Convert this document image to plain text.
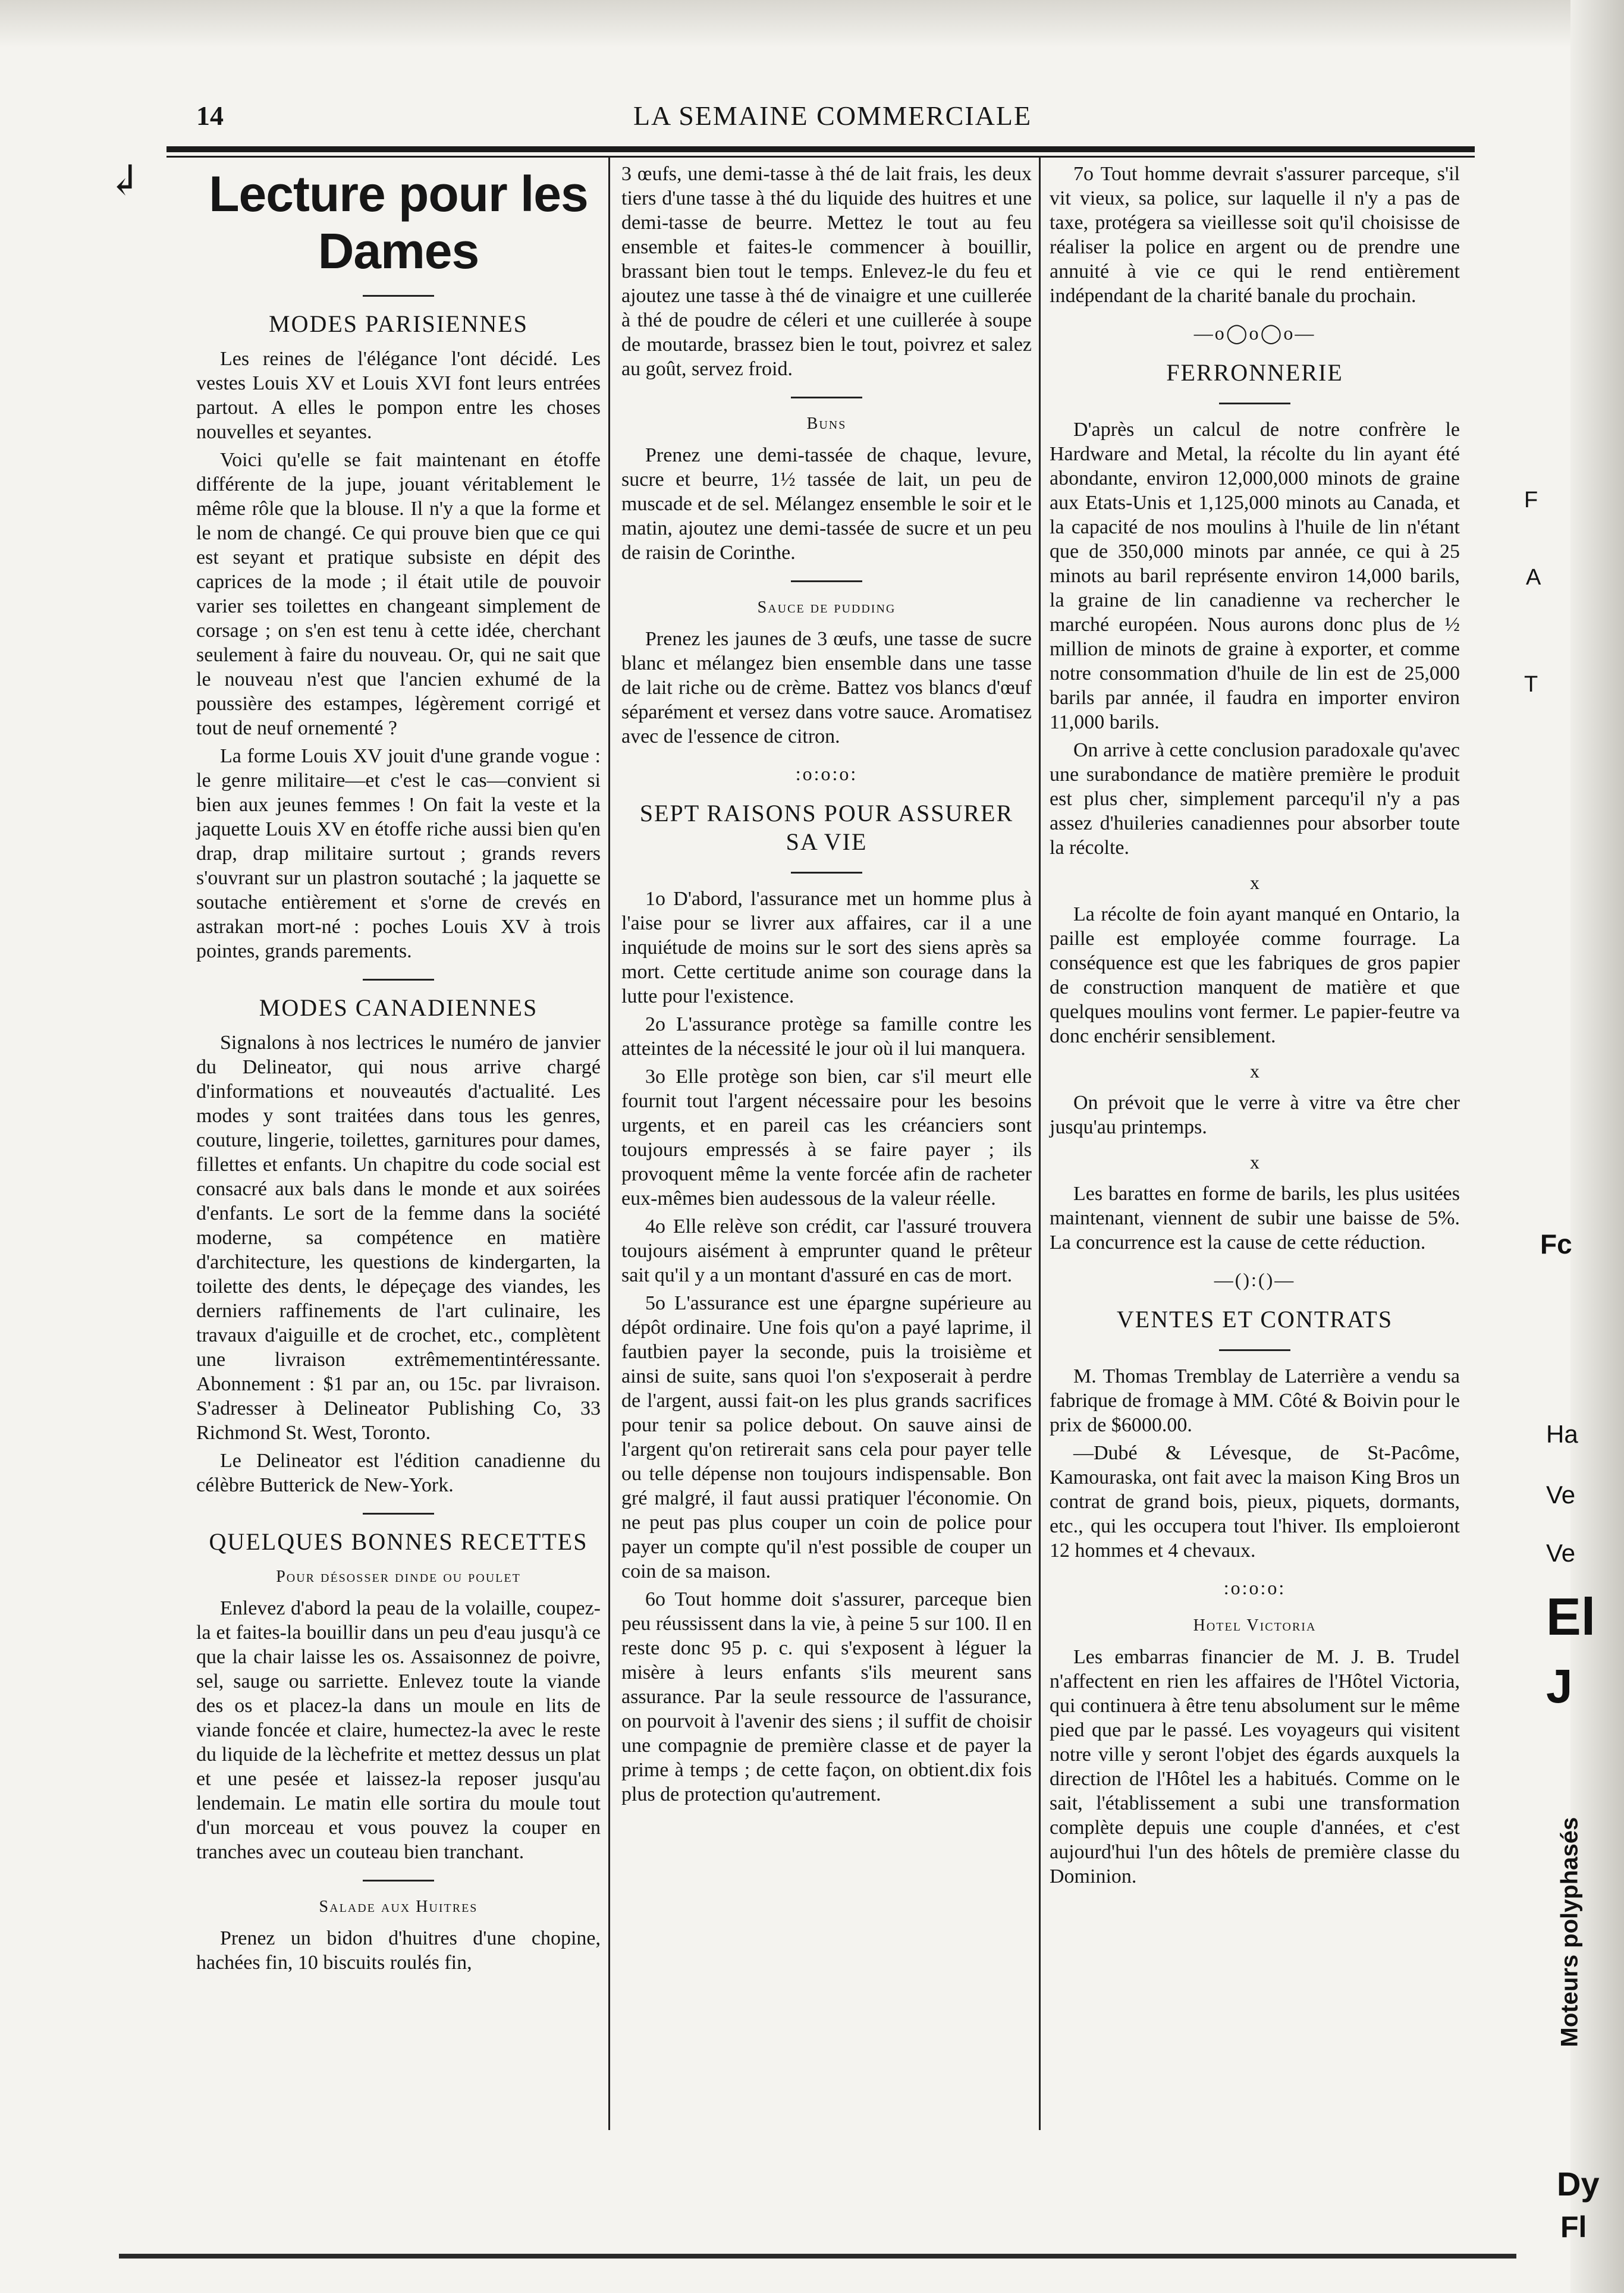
14	LA SEMAINE COMMERCIALE
↲ Lecture pour les Dames
MODES PARISIENNES

Les reines de l'élégance l'ont décidé. Les vestes Louis XV et Louis XVI font leurs entrées partout. A elles le pompon entre les choses nouvelles et seyantes.

Voici qu'elle se fait maintenant en étoffe différente de la jupe, jouant véritablement le même rôle que la blouse. Il n'y a que la forme et le nom de changé. Ce qui prouve bien que ce qui est seyant et pratique subsiste en dépit des caprices de la mode ; il était utile de pouvoir varier ses toilettes en changeant simplement de corsage ; on s'en est tenu à cette idée, cherchant seulement à faire du nouveau. Or, qui ne sait que le nouveau n'est que l'ancien exhumé de la poussière des estampes, légèrement corrigé et tout de neuf ornementé ?

La forme Louis XV jouit d'une grande vogue : le genre militaire—et c'est le cas—convient si bien aux jeunes femmes ! On fait la veste et la jaquette Louis XV en étoffe riche aussi bien qu'en drap, drap militaire surtout ; grands revers s'ouvrant sur un plastron soutaché ; la jaquette se soutache entièrement et s'orne de crevés en astrakan mort-né : poches Louis XV à trois pointes, grands parements.

MODES CANADIENNES

Signalons à nos lectrices le numéro de janvier du Delineator, qui nous arrive chargé d'informations et nouveautés d'actualité. Les modes y sont traitées dans tous les genres, couture, lingerie, toilettes, garnitures pour dames, fillettes et enfants. Un chapitre du code social est consacré aux bals dans le monde et aux soirées d'enfants. Le sort de la femme dans la société moderne, sa compétence en matière d'architecture, les questions de kindergarten, la toilette des dents, le dépeçage des viandes, les derniers raffinements de l'art culinaire, les travaux d'aiguille et de crochet, etc., complètent une livraison extrêmementintéressante. Abonnement : $1 par an, ou 15c. par livraison. S'adresser à Delineator Publishing Co, 33 Richmond St. West, Toronto.

Le Delineator est l'édition canadienne du célèbre Butterick de New-York.

QUELQUES BONNES RECETTES
Pour désosser dinde ou poulet

Enlevez d'abord la peau de la volaille, coupez-la et faites-la bouillir dans un peu d'eau jusqu'à ce que la chair laisse les os. Assaisonnez de poivre, sel, sauge ou sarriette. Enlevez toute la viande des os et placez-la dans un moule en lits de viande foncée et claire, humectez-la avec le reste du liquide de la lèchefrite et mettez dessus un plat et une pesée et laissez-la reposer jusqu'au lendemain. Le matin elle sortira du moule tout d'un morceau et vous pouvez la couper en tranches avec un couteau bien tranchant.

Salade aux Huitres

Prenez un bidon d'huitres d'une chopine, hachées fin, 10 biscuits roulés fin,

3 œufs, une demi-tasse à thé de lait frais, les deux tiers d'une tasse à thé du liquide des huitres et une demi-tasse de beurre. Mettez le tout au feu ensemble et faites-le commencer à bouillir, brassant bien tout le temps. Enlevez-le du feu et ajoutez une tasse à thé de vinaigre et une cuillerée à thé de poudre de céleri et une cuillerée à soupe de moutarde, brassez bien le tout, poivrez et salez au goût, servez froid.

Buns

Prenez une demi-tassée de chaque, levure, sucre et beurre, 1½ tassée de lait, un peu de muscade et de sel. Mélangez ensemble le soir et le matin, ajoutez une demi-tassée de sucre et un peu de raisin de Corinthe.

Sauce de pudding

Prenez les jaunes de 3 œufs, une tasse de sucre blanc et mélangez bien ensemble dans une tasse de lait riche ou de crème. Battez vos blancs d'œuf séparément et versez dans votre sauce. Aromatisez avec de l'essence de citron.

:o:o:o:
SEPT RAISONS POUR ASSURER SA VIE

1o D'abord, l'assurance met un homme plus à l'aise pour se livrer aux affaires, car il a une inquiétude de moins sur le sort des siens après sa mort. Cette certitude anime son courage dans la lutte pour l'existence.

2o L'assurance protège sa famille contre les atteintes de la nécessité le jour où il lui manquera.

3o Elle protège son bien, car s'il meurt elle fournit tout l'argent nécessaire pour les besoins urgents, et en pareil cas les créanciers sont toujours empressés à se faire payer ; ils provoquent même la vente forcée afin de racheter eux-mêmes bien audessous de la valeur réelle.

4o Elle relève son crédit, car l'assuré trouvera toujours aisément à emprunter quand le prêteur sait qu'il y a un montant d'assuré en cas de mort.

5o L'assurance est une épargne supérieure au dépôt ordinaire. Une fois qu'on a payé laprime, il fautbien payer la seconde, puis la troisième et ainsi de suite, sans quoi l'on s'exposerait à perdre de l'argent, aussi fait-on les plus grands sacrifices pour tenir sa police debout. On sauve ainsi de l'argent qu'on retirerait sans cela pour payer telle ou telle dépense non toujours indispensable. Bon gré malgré, il faut aussi pratiquer l'économie. On ne peut pas plus couper un coin de police pour payer un compte qu'il n'est possible de couper un coin de sa maison.

6o Tout homme doit s'assurer, parceque bien peu réussissent dans la vie, à peine 5 sur 100. Il en reste donc 95 p. c. qui s'exposent à léguer la misère à leurs enfants s'ils meurent sans assurance. Par la seule ressource de l'assurance, on pourvoit à l'avenir des siens ; il suffit de choisir une compagnie de première classe et de payer la prime à temps ; de cette façon, on obtient.dix fois plus de protection qu'autrement.

7o Tout homme devrait s'assurer parceque, s'il vit vieux, sa police, sur laquelle il n'y a pas de taxe, protégera sa vieillesse soit qu'il choisisse de réaliser la police en argent ou de prendre une annuité à vie ce qui le rend entièrement indépendant de la charité banale du prochain.

—o◯o◯o—
FERRONNERIE

D'après un calcul de notre confrère le Hardware and Metal, la récolte du lin ayant été abondante, environ 12,000,000 minots de graine aux Etats-Unis et 1,125,000 minots au Canada, et la capacité de nos moulins à l'huile de lin n'étant que de 350,000 minots par année, ce qui à 25 minots au baril représente environ 14,000 barils, la graine de lin canadienne va rechercher le marché européen. Nous aurons donc plus de ½ million de minots de graine à exporter, et comme notre consommation d'huile de lin est de 25,000 barils par année, il faudra en importer environ 11,000 barils.

On arrive à cette conclusion paradoxale qu'avec une surabondance de matière première le produit est plus cher, simplement parcequ'il n'y a pas assez d'huileries canadiennes pour absorber toute la récolte.

x

La récolte de foin ayant manqué en Ontario, la paille est employée comme fourrage. La conséquence est que les fabriques de gros papier de construction manquent de matière et que quelques moulins vont fermer. Le papier-feutre va donc enchérir sensiblement.

x

On prévoit que le verre à vitre va être cher jusqu'au printemps.

x

Les barattes en forme de barils, les plus usitées maintenant, viennent de subir une baisse de 5%. La concurrence est la cause de cette réduction.

—():()—
VENTES ET CONTRATS

M. Thomas Tremblay de Laterrière a vendu sa fabrique de fromage à MM. Côté & Boivin pour le prix de $6000.00.

—Dubé & Lévesque, de St-Pacôme, Kamouraska, ont fait avec la maison King Bros un contrat de grand bois, pieux, piquets, dormants, etc., qui les occupera tout l'hiver. Ils emploieront 12 hommes et 4 chevaux.

:o:o:o:
Hotel Victoria

Les embarras financier de M. J. B. Trudel n'affectent en rien les affaires de l'Hôtel Victoria, qui continuera à être tenu absolument sur le même pied que par le passé. Les voyageurs qui visitent notre ville y seront l'objet des égards auxquels la direction de l'Hôtel les a habitués. Comme on le sait, l'établissement a subi une transformation complète depuis une couple d'années, et c'est aujourd'hui l'un des hôtels de première classe du Dominion.

F
A
T
Fc
Ha
Ve
Ve
El
J
Dy
Fl
Moteurs polyphasés
